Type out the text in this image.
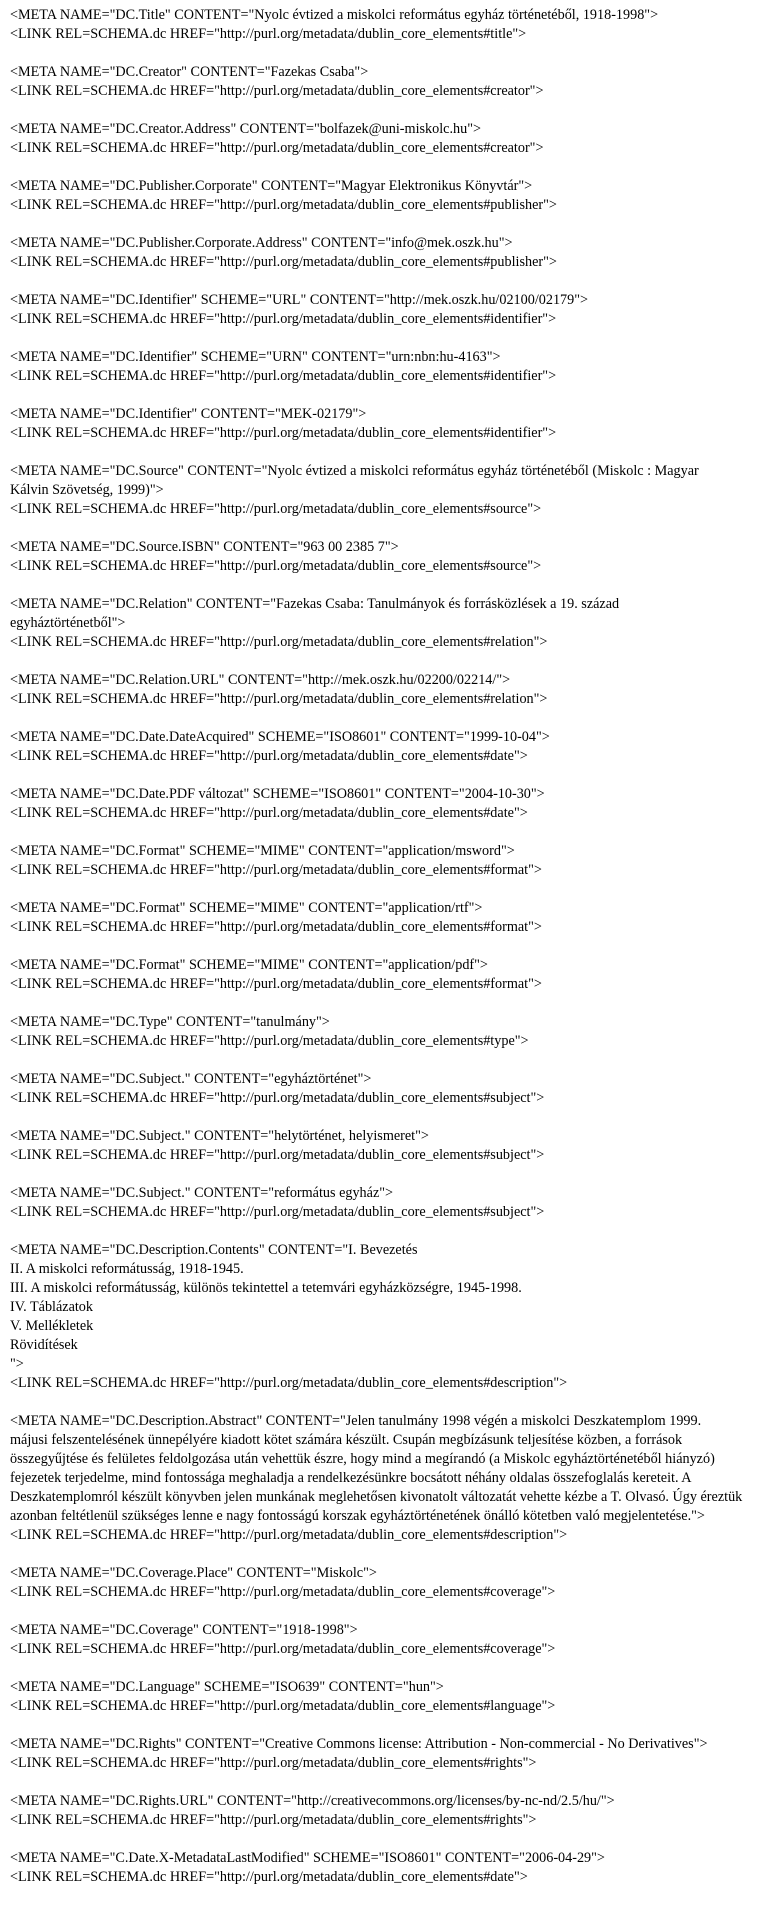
<META NAME="DC.Title" CONTENT="Nyolc évtized a miskolci református egyház történetéből, 1918-1998">
<LINK REL=SCHEMA.dc HREF="http://purl.org/metadata/dublin_core_elements#title">
<META NAME="DC.Creator" CONTENT="Fazekas Csaba">
<LINK REL=SCHEMA.dc HREF="http://purl.org/metadata/dublin_core_elements#creator">
<META NAME="DC.Creator.Address" CONTENT="bolfazek@uni-miskolc.hu">
<LINK REL=SCHEMA.dc HREF="http://purl.org/metadata/dublin_core_elements#creator">
<META NAME="DC.Publisher.Corporate" CONTENT="Magyar Elektronikus Könyvtár">
<LINK REL=SCHEMA.dc HREF="http://purl.org/metadata/dublin_core_elements#publisher">
<META NAME="DC.Publisher.Corporate.Address" CONTENT="info@mek.oszk.hu">
<LINK REL=SCHEMA.dc HREF="http://purl.org/metadata/dublin_core_elements#publisher">
<META NAME="DC.Identifier" SCHEME="URL" CONTENT="http://mek.oszk.hu/02100/02179">
<LINK REL=SCHEMA.dc HREF="http://purl.org/metadata/dublin_core_elements#identifier">
<META NAME="DC.Identifier" SCHEME="URN" CONTENT="urn:nbn:hu-4163">
<LINK REL=SCHEMA.dc HREF="http://purl.org/metadata/dublin_core_elements#identifier">
<META NAME="DC.Identifier" CONTENT="MEK-02179">
<LINK REL=SCHEMA.dc HREF="http://purl.org/metadata/dublin_core_elements#identifier">
<META NAME="DC.Source" CONTENT="Nyolc évtized a miskolci református egyház történetéből (Miskolc : Magyar
Kálvin Szövetség, 1999)">
<LINK REL=SCHEMA.dc HREF="http://purl.org/metadata/dublin_core_elements#source">
<META NAME="DC.Source.ISBN" CONTENT="963 00 2385 7">
<LINK REL=SCHEMA.dc HREF="http://purl.org/metadata/dublin_core_elements#source">
<META NAME="DC.Relation" CONTENT="Fazekas Csaba: Tanulmányok és forrásközlések a 19. század
egyháztörténetből">
<LINK REL=SCHEMA.dc HREF="http://purl.org/metadata/dublin_core_elements#relation">
<META NAME="DC.Relation.URL" CONTENT="http://mek.oszk.hu/02200/02214/">
<LINK REL=SCHEMA.dc HREF="http://purl.org/metadata/dublin_core_elements#relation">
<META NAME="DC.Date.DateAcquired" SCHEME="ISO8601" CONTENT="1999-10-04">
<LINK REL=SCHEMA.dc HREF="http://purl.org/metadata/dublin_core_elements#date">
<META NAME="DC.Date.PDF változat" SCHEME="ISO8601" CONTENT="2004-10-30">
<LINK REL=SCHEMA.dc HREF="http://purl.org/metadata/dublin_core_elements#date">
<META NAME="DC.Format" SCHEME="MIME" CONTENT="application/msword">
<LINK REL=SCHEMA.dc HREF="http://purl.org/metadata/dublin_core_elements#format">
<META NAME="DC.Format" SCHEME="MIME" CONTENT="application/rtf">
<LINK REL=SCHEMA.dc HREF="http://purl.org/metadata/dublin_core_elements#format">
<META NAME="DC.Format" SCHEME="MIME" CONTENT="application/pdf">
<LINK REL=SCHEMA.dc HREF="http://purl.org/metadata/dublin_core_elements#format">
<META NAME="DC.Type" CONTENT="tanulmány">
<LINK REL=SCHEMA.dc HREF="http://purl.org/metadata/dublin_core_elements#type">
<META NAME="DC.Subject." CONTENT="egyháztörténet">
<LINK REL=SCHEMA.dc HREF="http://purl.org/metadata/dublin_core_elements#subject">
<META NAME="DC.Subject." CONTENT="helytörténet, helyismeret">
<LINK REL=SCHEMA.dc HREF="http://purl.org/metadata/dublin_core_elements#subject">
<META NAME="DC.Subject." CONTENT="református egyház">
<LINK REL=SCHEMA.dc HREF="http://purl.org/metadata/dublin_core_elements#subject">
<META NAME="DC.Description.Contents" CONTENT="I. Bevezetés
II. A miskolci reformátusság, 1918-1945.
III. A miskolci reformátusság, különös tekintettel a tetemvári egyházközségre, 1945-1998.
IV. Táblázatok
V. Mellékletek
Rövidítések
">
<LINK REL=SCHEMA.dc HREF="http://purl.org/metadata/dublin_core_elements#description">
<META NAME="DC.Description.Abstract" CONTENT="Jelen tanulmány 1998 végén a miskolci Deszkatemplom 1999.
májusi felszentelésének ünnepélyére kiadott kötet számára készült. Csupán megbízásunk teljesítése közben, a források
összegyűjtése és felületes feldolgozása után vehettük észre, hogy mind a megírandó (a Miskolc egyháztörténetéből hiányzó)
fejezetek terjedelme, mind fontossága meghaladja a rendelkezésünkre bocsátott néhány oldalas összefoglalás kereteit. A
Deszkatemplomról készült könyvben jelen munkának meglehetősen kivonatolt változatát vehette kézbe a T. Olvasó. Úgy éreztük
azonban feltétlenül szükséges lenne e nagy fontosságú korszak egyháztörténetének önálló kötetben való megjelentetése.">
<LINK REL=SCHEMA.dc HREF="http://purl.org/metadata/dublin_core_elements#description">
<META NAME="DC.Coverage.Place" CONTENT="Miskolc">
<LINK REL=SCHEMA.dc HREF="http://purl.org/metadata/dublin_core_elements#coverage">
<META NAME="DC.Coverage" CONTENT="1918-1998">
<LINK REL=SCHEMA.dc HREF="http://purl.org/metadata/dublin_core_elements#coverage">
<META NAME="DC.Language" SCHEME="ISO639" CONTENT="hun">
<LINK REL=SCHEMA.dc HREF="http://purl.org/metadata/dublin_core_elements#language">
<META NAME="DC.Rights" CONTENT="Creative Commons license: Attribution - Non-commercial - No Derivatives">
<LINK REL=SCHEMA.dc HREF="http://purl.org/metadata/dublin_core_elements#rights">
<META NAME="DC.Rights.URL" CONTENT="http://creativecommons.org/licenses/by-nc-nd/2.5/hu/">
<LINK REL=SCHEMA.dc HREF="http://purl.org/metadata/dublin_core_elements#rights">
<META NAME="C.Date.X-MetadataLastModified" SCHEME="ISO8601" CONTENT="2006-04-29">
<LINK REL=SCHEMA.dc HREF="http://purl.org/metadata/dublin_core_elements#date">
